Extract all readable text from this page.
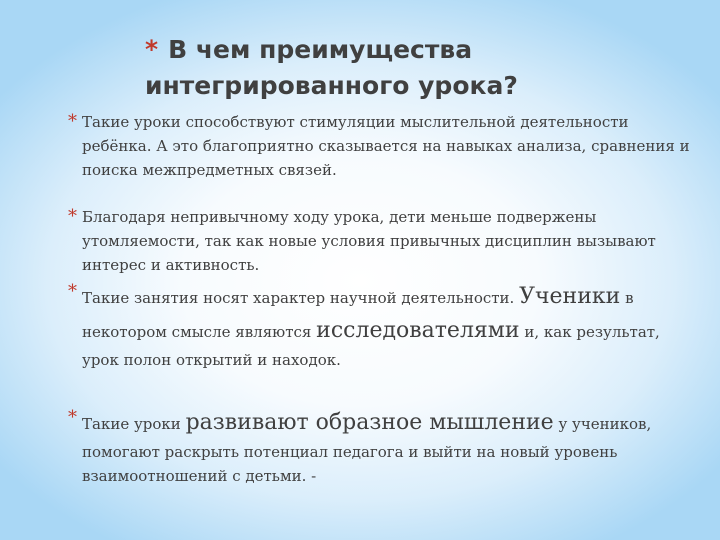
* В чем преимущества
интегрированного урока?
* Такие уроки способствуют стимуляции мыслительной деятельности ребёнка. А это благоприятно сказывается на навыках анализа, сравнения и поиска межпредметных связей.
* Благодаря непривычному ходу урока, дети меньше подвержены утомляемости, так как новые условия привычных дисциплин вызывают интерес и активность.
* Такие занятия носят характер научной деятельности. Ученики в некотором смысле являются исследователями и, как результат, урок полон открытий и находок.
* Такие уроки развивают образное мышление у учеников, помогают раскрыть потенциал педагога и выйти на новый уровень взаимоотношений с детьми. -
